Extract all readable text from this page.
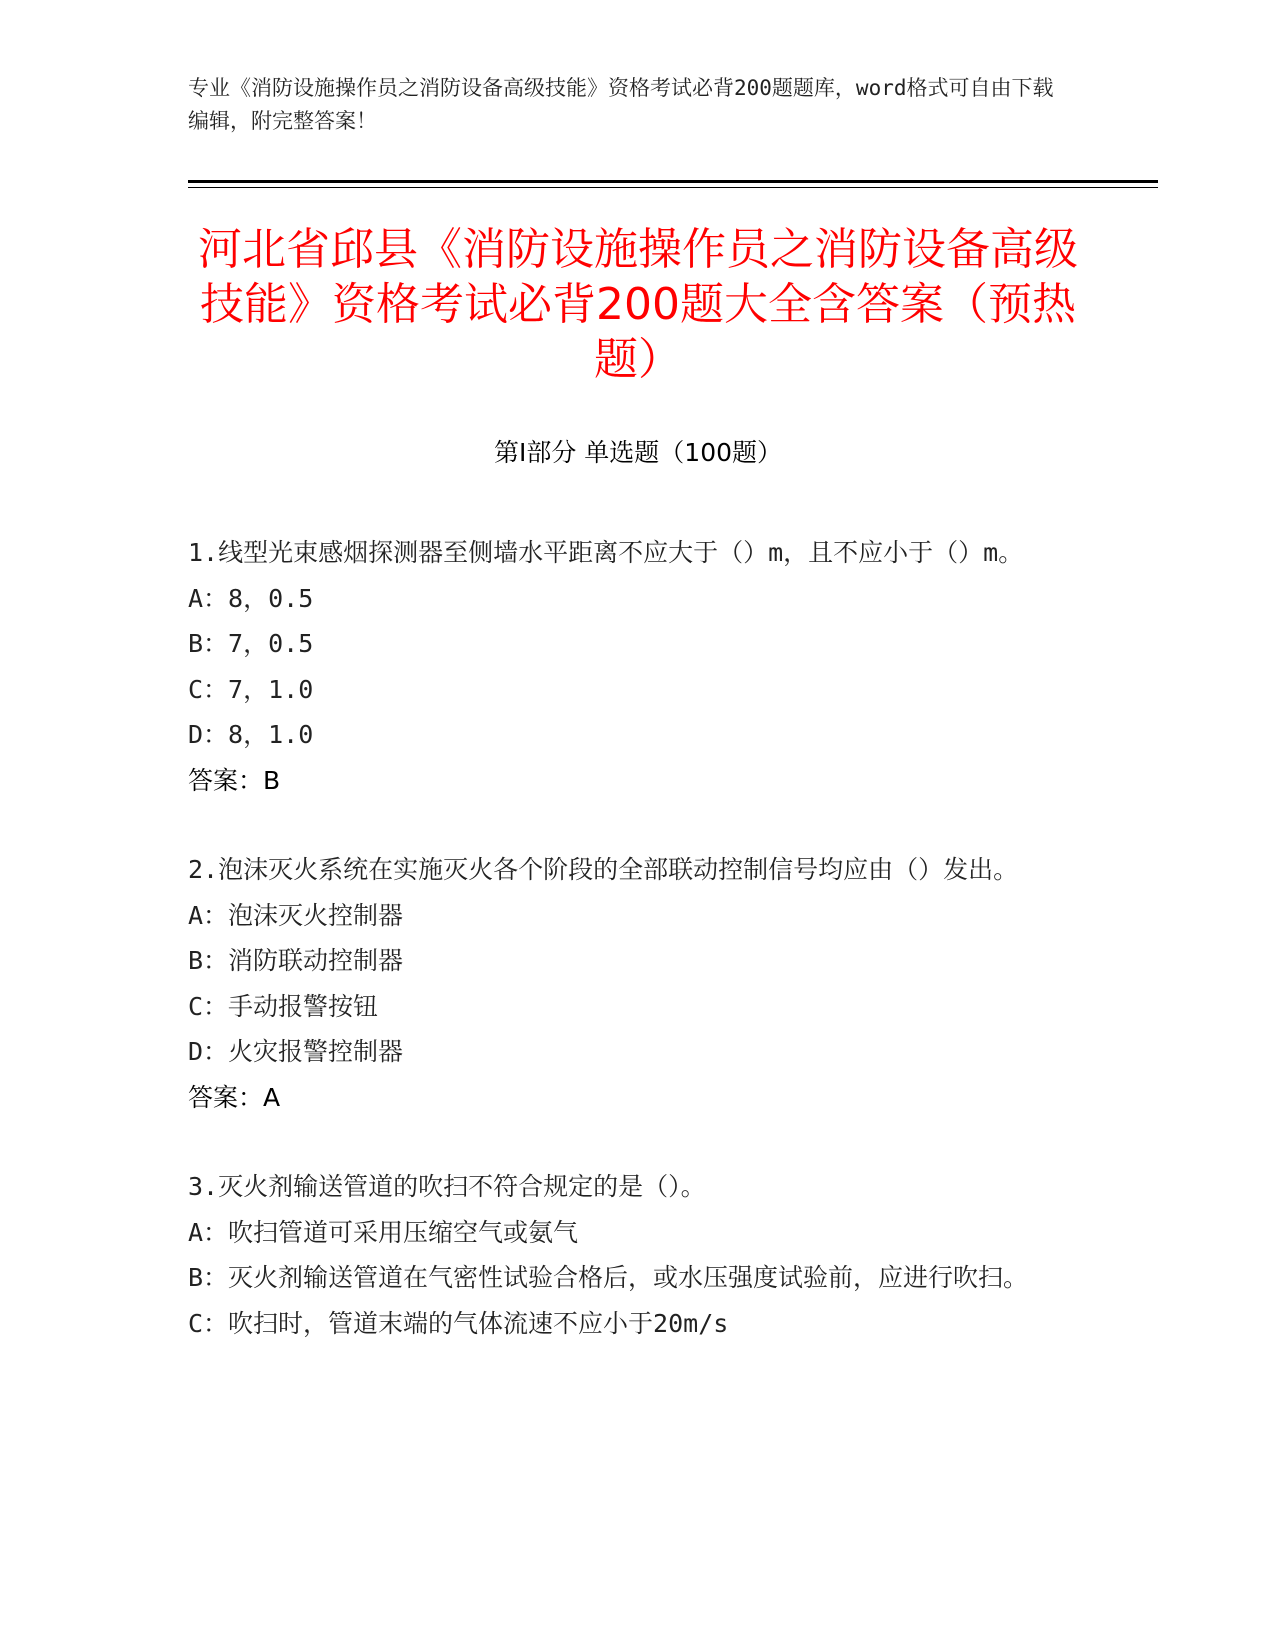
专业《消防设施操作员之消防设备高级技能》资格考试必背200题题库，word格式可自由下载编辑，附完整答案！
河北省邱县《消防设施操作员之消防设备高级技能》资格考试必背200题大全含答案（预热题）
第I部分 单选题（100题）
1.线型光束感烟探测器至侧墙水平距离不应大于（）m，且不应小于（）m。
A：8，0.5
B：7，0.5
C：7，1.0
D：8，1.0
答案：B
2.泡沫灭火系统在实施灭火各个阶段的全部联动控制信号均应由（）发出。
A：泡沫灭火控制器
B：消防联动控制器
C：手动报警按钮
D：火灾报警控制器
答案：A
3.灭火剂输送管道的吹扫不符合规定的是（）。
A：吹扫管道可采用压缩空气或氨气
B：灭火剂输送管道在气密性试验合格后，或水压强度试验前，应进行吹扫。
C：吹扫时，管道末端的气体流速不应小于20m/s
